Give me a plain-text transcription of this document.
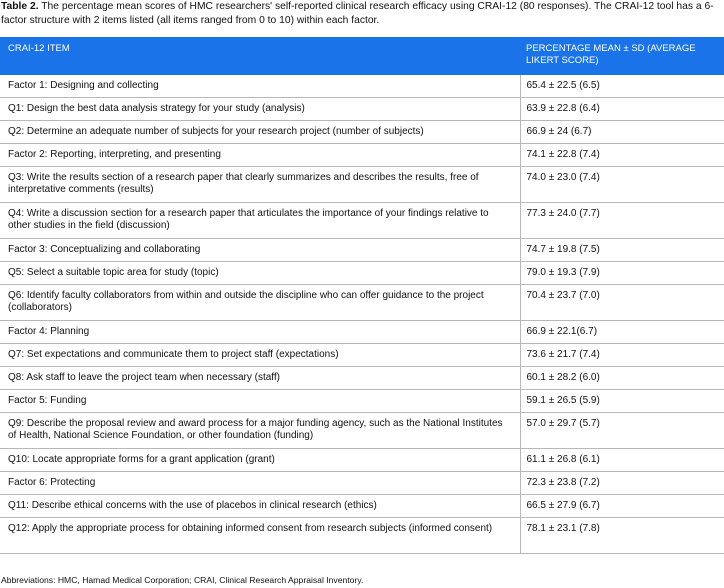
Table 2. The percentage mean scores of HMC researchers' self-reported clinical research efficacy using CRAI-12 (80 responses). The CRAI-12 tool has a 6-factor structure with 2 items listed (all items ranged from 0 to 10) within each factor.
CRAI-12 ITEM	PERCENTAGE MEAN ± SD (AVERAGE LIKERT SCORE)
Factor 1: Designing and collecting	65.4 ± 22.5 (6.5)
Q1: Design the best data analysis strategy for your study (analysis)	63.9 ± 22.8 (6.4)
Q2: Determine an adequate number of subjects for your research project (number of subjects)	66.9 ± 24 (6.7)
Factor 2: Reporting, interpreting, and presenting	74.1 ± 22.8 (7.4)
Q3: Write the results section of a research paper that clearly summarizes and describes the results, free of interpretative comments (results)	74.0 ± 23.0 (7.4)
Q4: Write a discussion section for a research paper that articulates the importance of your findings relative to other studies in the field (discussion)	77.3 ± 24.0 (7.7)
Factor 3: Conceptualizing and collaborating	74.7 ± 19.8 (7.5)
Q5: Select a suitable topic area for study (topic)	79.0 ± 19.3 (7.9)
Q6: Identify faculty collaborators from within and outside the discipline who can offer guidance to the project (collaborators)	70.4 ± 23.7 (7.0)
Factor 4: Planning	66.9 ± 22.1(6.7)
Q7: Set expectations and communicate them to project staff (expectations)	73.6 ± 21.7 (7.4)
Q8: Ask staff to leave the project team when necessary (staff)	60.1 ± 28.2 (6.0)
Factor 5: Funding	59.1 ± 26.5 (5.9)
Q9: Describe the proposal review and award process for a major funding agency, such as the National Institutes of Health, National Science Foundation, or other foundation (funding)	57.0 ± 29.7 (5.7)
Q10: Locate appropriate forms for a grant application (grant)	61.1 ± 26.8 (6.1)
Factor 6: Protecting	72.3 ± 23.8 (7.2)
Q11: Describe ethical concerns with the use of placebos in clinical research (ethics)	66.5 ± 27.9 (6.7)
Q12: Apply the appropriate process for obtaining informed consent from research subjects (informed consent)	78.1 ± 23.1 (7.8)
Abbreviations: HMC, Hamad Medical Corporation; CRAI, Clinical Research Appraisal Inventory.
